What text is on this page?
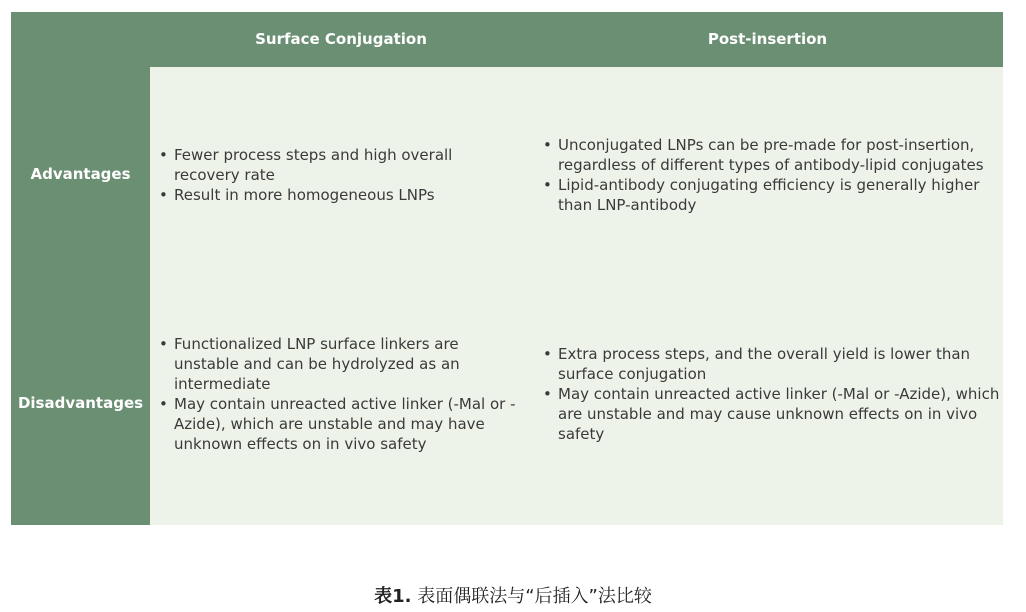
Surface Conjugation	Post-insertion
Advantages
Disadvantages
• Fewer process steps and high overall recovery rate
• Result in more homogeneous LNPs
• Unconjugated LNPs can be pre-made for post-insertion, regardless of different types of antibody-lipid conjugates
• Lipid-antibody conjugating efficiency is generally higher than LNP-antibody
• Functionalized LNP surface linkers are unstable and can be hydrolyzed as an intermediate
• May contain unreacted active linker (-Mal or -Azide), which are unstable and may have unknown effects on in vivo safety
• Extra process steps, and the overall yield is lower than surface conjugation
• May contain unreacted active linker (-Mal or -Azide), which are unstable and may cause unknown effects on in vivo safety
表1. 表面偶联法与“后插入”法比较
